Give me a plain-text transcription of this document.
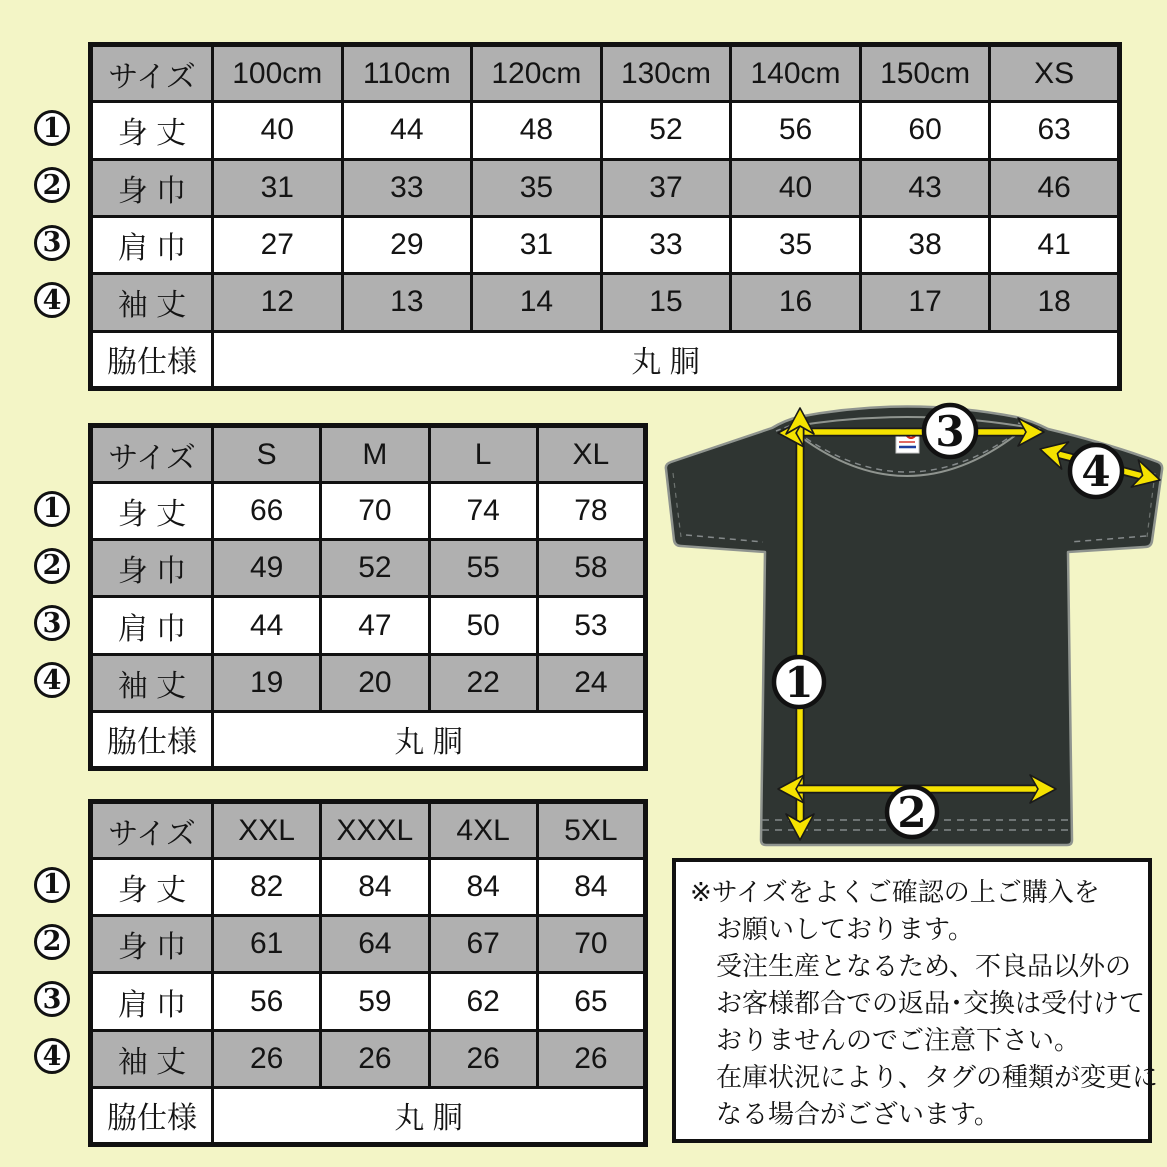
1
2
3
4
※サイズをよくご確認の上ご購入を
お願いしております。
受注生産となるため、不良品以外の
お客様都合での返品･交換は受付けて
おりませんのでご注意下さい。
在庫状況により、タグの種類が変更に
なる場合がございます。
サイズ	100cm	110cm	120cm	130cm	140cm	150cm	XS
身 丈	40	44	48	52	56	60	63
身 巾	31	33	35	37	40	43	46
肩 巾	27	29	31	33	35	38	41
袖 丈	12	13	14	15	16	17	18
脇仕様	丸 胴						
1
2
3
4
サイズ	S	M	L	XL
身 丈	66	70	74	78
身 巾	49	52	55	58
肩 巾	44	47	50	53
袖 丈	19	20	22	24
脇仕様	丸 胴			
1
2
3
4
サイズ	XXL	XXXL	4XL	5XL
身 丈	82	84	84	84
身 巾	61	64	67	70
肩 巾	56	59	62	65
袖 丈	26	26	26	26
脇仕様	丸 胴			
1
2
3
4
